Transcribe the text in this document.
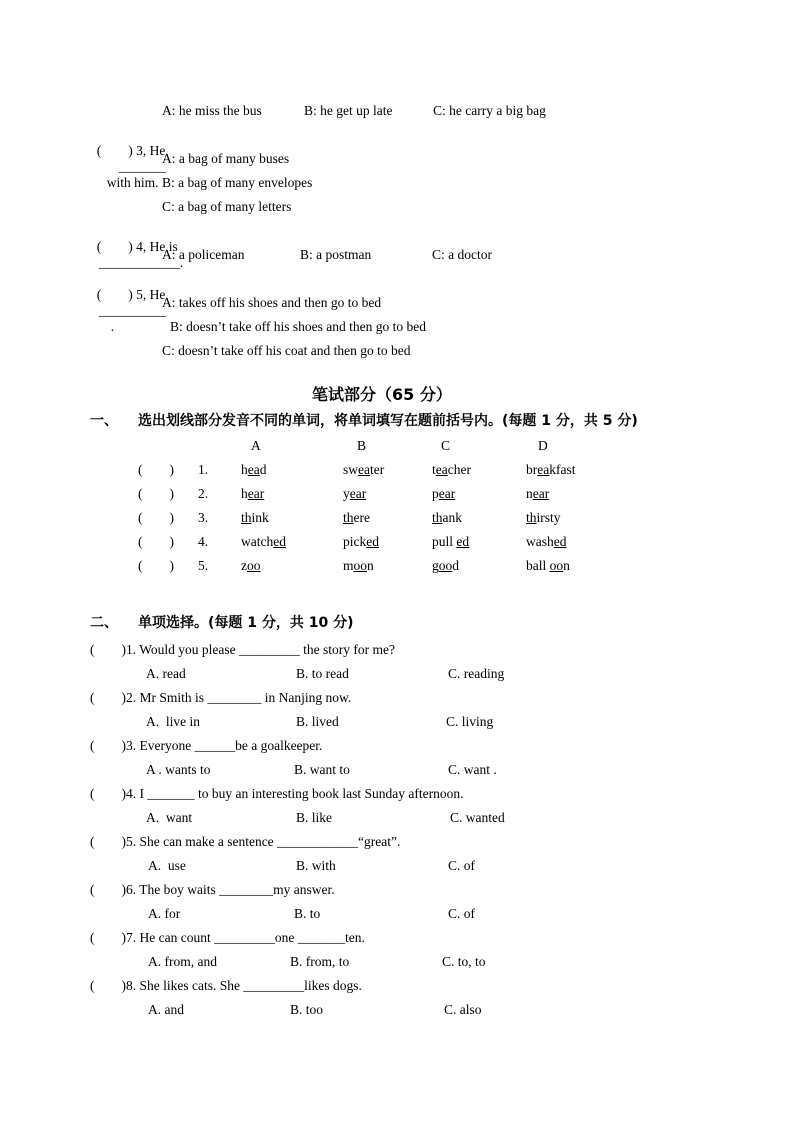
A: he miss the bus	B: he get up late	C: he carry a big bag

(        ) 3, He
_______
with him.

A: a bag of many buses
B: a bag of many envelopes
C: a bag of many letters

(        ) 4, He is
____________.

A: a policeman	B: a postman	C: a doctor

(        ) 5, He
__________
.

A: takes off his shoes and then go to bed
B: doesn’t take off his shoes and then go to bed
C: doesn’t take off his coat and then go to bed
笔试部分（65 分）
一、 选出划线部分发音不同的单词，将单词填写在题前括号内。(每题 1 分，共 5 分)
A	B	C	D
(        ) 1. head	sweater	teacher	breakfast
(        ) 2. hear	year	pear	near
(        ) 3. think	there	thank	thirsty
(        ) 4. watched	picked	pull ed	washed
(        ) 5. zoo	moon	good	ball oon
二、 单项选择。(每题 1 分，共 10 分)
(        )1. Would you please _________ the story for me?
A. read	B. to read	C. reading
(        )2. Mr Smith is ________ in Nanjing now.
A.  live in	B. lived	C. living
(        )3. Everyone ______be a goalkeeper.
A . wants to	B. want to	C. want .
(        )4. I _______ to buy an interesting book last Sunday afternoon.
A.  want	B. like	C. wanted
(        )5. She can make a sentence ____________“great”.
A.  use	B. with	C. of
(        )6. The boy waits ________my answer.
A. for	B. to	C. of
(        )7. He can count _________one _______ten.
A. from, and	B. from, to	C. to, to
(        )8. She likes cats. She _________likes dogs.
A. and	B. too	C. also
